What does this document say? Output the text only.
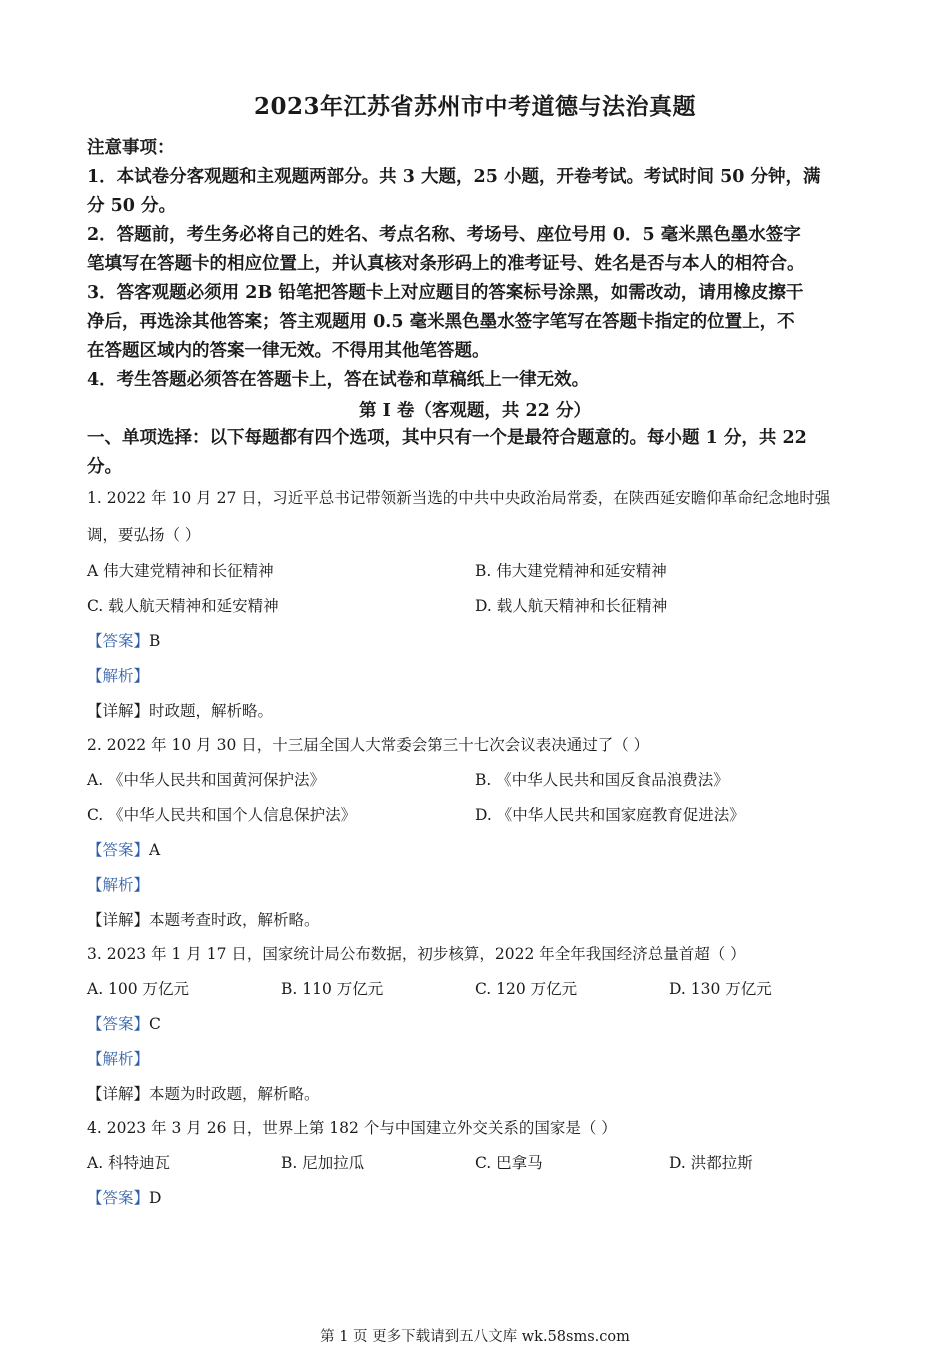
2023年江苏省苏州市中考道德与法治真题
注意事项：
1．本试卷分客观题和主观题两部分。共 3 大题，25 小题，开卷考试。考试时间 50 分钟，满
分 50 分。
2．答题前，考生务必将自己的姓名、考点名称、考场号、座位号用 0．5 毫米黑色墨水签字
笔填写在答题卡的相应位置上，并认真核对条形码上的准考证号、姓名是否与本人的相符合。
3．答客观题必须用 2B 铅笔把答题卡上对应题目的答案标号涂黑，如需改动，请用橡皮擦干
净后，再选涂其他答案；答主观题用 0.5 毫米黑色墨水签字笔写在答题卡指定的位置上，不
在答题区域内的答案一律无效。不得用其他笔答题。
4．考生答题必须答在答题卡上，答在试卷和草稿纸上一律无效。
第 I 卷（客观题，共 22 分）
一、单项选择：以下每题都有四个选项，其中只有一个是最符合题意的。每小题 1 分，共 22
分。
1. 2022 年 10 月 27 日，习近平总书记带领新当选的中共中央政治局常委，在陕西延安瞻仰革命纪念地时强
调，要弘扬（ ）
A 伟大建党精神和长征精神	B. 伟大建党精神和延安精神
C. 载人航天精神和延安精神	D. 载人航天精神和长征精神
【答案】B
【解析】
【详解】时政题，解析略。
2. 2022 年 10 月 30 日，十三届全国人大常委会第三十七次会议表决通过了（ ）
A. 《中华人民共和国黄河保护法》	B. 《中华人民共和国反食品浪费法》
C. 《中华人民共和国个人信息保护法》	D. 《中华人民共和国家庭教育促进法》
【答案】A
【解析】
【详解】本题考查时政，解析略。
3. 2023 年 1 月 17 日，国家统计局公布数据，初步核算，2022 年全年我国经济总量首超（ ）
A. 100 万亿元	B. 110 万亿元	C. 120 万亿元	D. 130 万亿元
【答案】C
【解析】
【详解】本题为时政题，解析略。
4. 2023 年 3 月 26 日，世界上第 182 个与中国建立外交关系的国家是（ ）
A. 科特迪瓦	B. 尼加拉瓜	C. 巴拿马	D. 洪都拉斯
【答案】D
第 1 页 更多下载请到五八文库 wk.58sms.com
